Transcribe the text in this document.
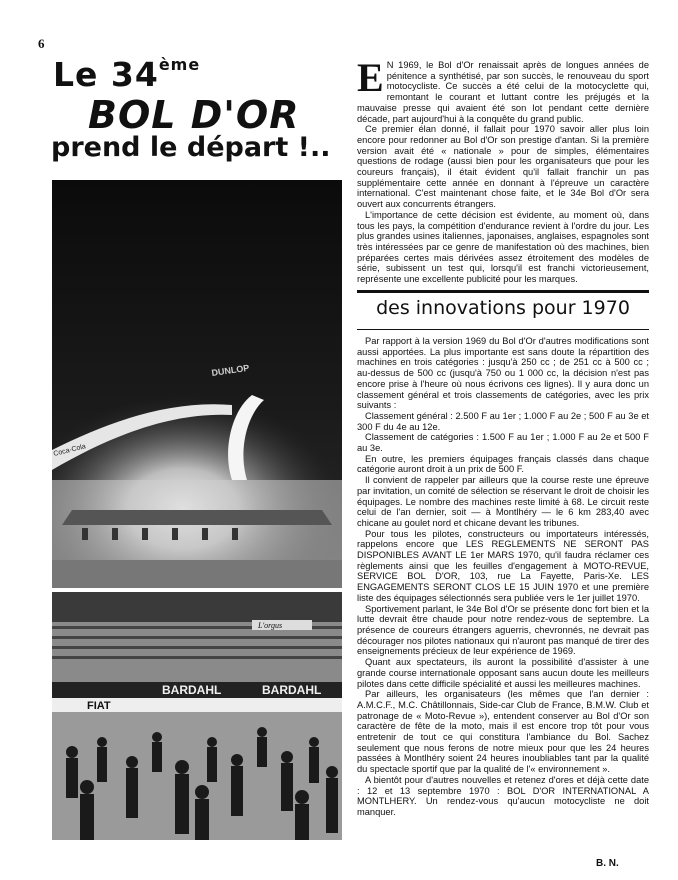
6
Le 34ème
BOL D'OR
prend le départ !..
DUNLOP
Coca-Cola
L'orgus
FIAT
BARDAHL	BARDAHL
E N 1969, le Bol d'Or renaissait après de longues années de pénitence a synthétisé, par son succès, le renouveau du sport motocycliste. Ce succès a été celui de la motocyclette qui, remontant le courant et luttant contre les préjugés et la mauvaise presse qui avaient été son lot pendant cette dernière décade, part aujourd'hui à la conquête du grand public.

Ce premier élan donné, il fallait pour 1970 savoir aller plus loin encore pour redonner au Bol d'Or son prestige d'antan. Si la première version avait été « nationale » pour de simples, élémentaires questions de rodage (aussi bien pour les organisateurs que pour les coureurs français), il était évident qu'il fallait franchir un pas supplémentaire cette année en donnant à l'épreuve un caractère international. C'est maintenant chose faite, et le 34e Bol d'Or sera ouvert aux concurrents étrangers.

L'importance de cette décision est évidente, au moment où, dans tous les pays, la compétition d'endurance revient à l'ordre du jour. Les plus grandes usines italiennes, japonaises, anglaises, espagnoles sont très intéressées par ce genre de manifestation où des machines, bien préparées certes mais dérivées assez étroitement des modèles de série, subissent un test qui, lorsqu'il est franchi victorieusement, représente une excellente publicité pour les marques.

des innovations pour 1970

Par rapport à la version 1969 du Bol d'Or d'autres modifications sont aussi apportées. La plus importante est sans doute la répartition des machines en trois catégories : jusqu'à 250 cc ; de 251 cc à 500 cc ; au-dessus de 500 cc (jusqu'à 750 ou 1 000 cc, la décision n'est pas encore prise à l'heure où nous écrivons ces lignes). Il y aura donc un classement général et trois classements de catégories, avec les prix suivants :

Classement général : 2.500 F au 1er ; 1.000 F au 2e ; 500 F au 3e et 300 F du 4e au 12e.

Classement de catégories : 1.500 F au 1er ; 1.000 F au 2e et 500 F au 3e.

En outre, les premiers équipages français classés dans chaque catégorie auront droit à un prix de 500 F.

Il convient de rappeler par ailleurs que la course reste une épreuve par invitation, un comité de sélection se réservant le droit de choisir les équipages. Le nombre des machines reste limité à 68. Le circuit reste celui de l'an dernier, soit — à Montlhéry — le 6 km 283,40 avec chicane au goulet nord et chicane devant les tribunes.

Pour tous les pilotes, constructeurs ou importateurs intéressés, rappelons encore que LES REGLEMENTS NE SERONT PAS DISPONIBLES AVANT LE 1er MARS 1970, qu'il faudra réclamer ces règlements ainsi que les feuilles d'engagement à MOTO-REVUE, SERVICE BOL D'OR, 103, rue La Fayette, Paris-Xe. LES ENGAGEMENTS SERONT CLOS LE 15 JUIN 1970 et une première liste des équipages sélectionnés sera publiée vers le 1er juillet 1970.

Sportivement parlant, le 34e Bol d'Or se présente donc fort bien et la lutte devrait être chaude pour notre rendez-vous de septembre. La présence de coureurs étrangers aguerris, chevronnés, ne devrait pas décourager nos pilotes nationaux qui n'auront pas manqué de tirer des enseignements précieux de leur expérience de 1969.

Quant aux spectateurs, ils auront la possibilité d'assister à une grande course internationale opposant sans aucun doute les meilleurs pilotes dans cette difficile spécialité et aussi les meilleures machines.

Par ailleurs, les organisateurs (les mêmes que l'an dernier : A.M.C.F., M.C. Châtillonnais, Side-car Club de France, B.M.W. Club et patronage de « Moto-Revue »), entendent conserver au Bol d'Or son caractère de fête de la moto, mais il est encore trop tôt pour vous entretenir de tout ce qui constitura l'ambiance du Bol. Sachez seulement que nous ferons de notre mieux pour que les 24 heures passées à Montlhéry soient 24 heures inoubliables tant par la qualité du spectacle sportif que par la qualité de l'« environnement ».

A bientôt pour d'autres nouvelles et retenez d'ores et déjà cette date : 12 et 13 septembre 1970 : BOL D'OR INTERNATIONAL A MONTLHERY. Un rendez-vous qu'aucun motocycliste ne doit manquer.

B. N.
